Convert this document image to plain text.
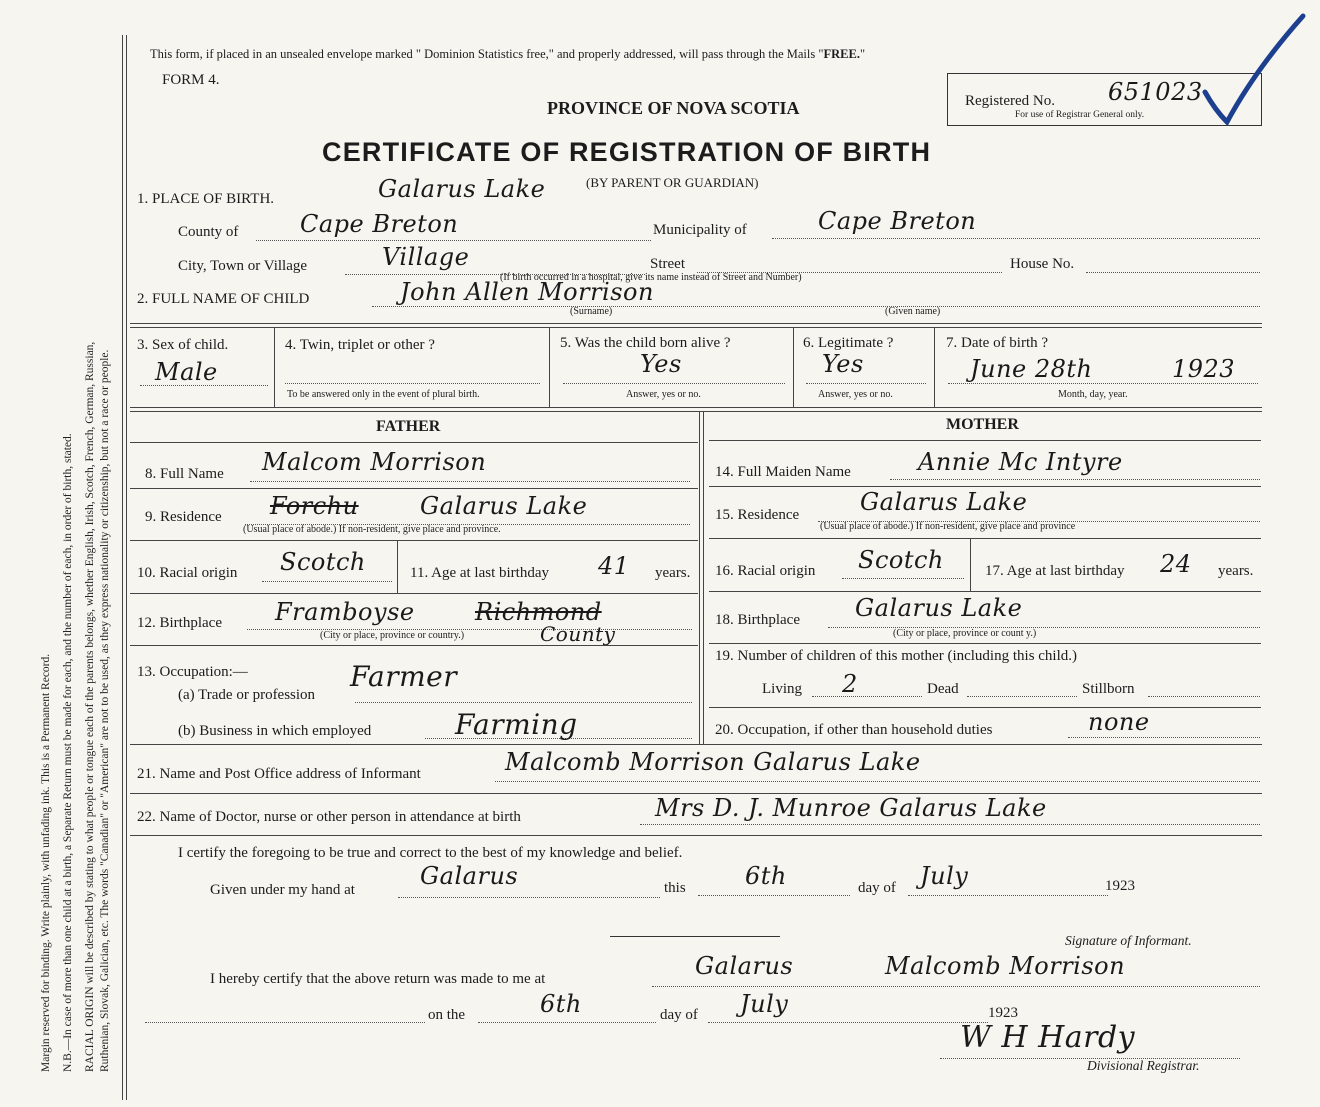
Margin reserved for binding. Write plainly, with unfading ink. This is a Permanent Record. N.B.—In case of more than one child at a birth, a Separate Return must be made for each, and the number of each, in order of birth, stated. RACIAL ORIGIN will be described by stating to what people or tongue each of the parents belongs, whether English, Irish, Scotch, French, German, Russian, Ruthenian, Slovak, Galician, etc. The words "Canadian" or "American" are not to be used, as they express nationality or citizenship, but not a race or people.
This form, if placed in an unsealed envelope marked " Dominion Statistics free," and properly addressed, will pass through the Mails "FREE."
FORM 4.
PROVINCE OF NOVA SCOTIA
CERTIFICATE OF REGISTRATION OF BIRTH
(BY PARENT OR GUARDIAN)
Registered No. 651023
For use of Registrar General only.
1. PLACE OF BIRTH.	Galarus Lake
County of	Cape Breton	Municipality of	Cape Breton
City, Town or Village	Village	Street	House No.
(If birth occurred in a hospital, give its name instead of Street and Number)
2. FULL NAME OF CHILD	John Allen Morrison
(Surname)	(Given name)
3. Sex of child.
Male
4. Twin, triplet or other ?
To be answered only in the event of plural birth.
5. Was the child born alive ?
Yes
Answer, yes or no.
6. Legitimate ?
Yes
Answer, yes or no.
7. Date of birth ?
June 28th	1923
Month, day, year.
FATHER	MOTHER
8. Full Name Malcom Morrison
9. Residence Forchu	Galarus Lake
(Usual place of abode.) If non-resident, give place and province.
10. Racial origin Scotch	11. Age at last birthday 41 years.
12. Birthplace Framboyse	Richmond
County
(City or place, province or country.)
13. Occupation:—
(a) Trade or profession
Farmer
(b) Business in which employed	Farming
14. Full Maiden Name	Annie Mc Intyre
15. Residence	Galarus Lake
(Usual place of abode.) If non-resident, give place and province
16. Racial origin Scotch	17. Age at last birthday 24 years.
18. Birthplace Galarus Lake
(City or place, province or count y.)
19. Number of children of this mother (including this child.)
Living 2	Dead	Stillborn
20. Occupation, if other than household duties	none
21. Name and Post Office address of Informant	Malcomb Morrison Galarus Lake
22. Name of Doctor, nurse or other person in attendance at birth	Mrs D. J. Munroe Galarus Lake
I certify the foregoing to be true and correct to the best of my knowledge and belief.
Given under my hand at	Galarus	this 6th	day of July	1923
Signature of Informant.
I hereby certify that the above return was made to me at	Galarus	Malcomb Morrison
on the	6th	day of July	1923
W H Hardy
Divisional Registrar.
